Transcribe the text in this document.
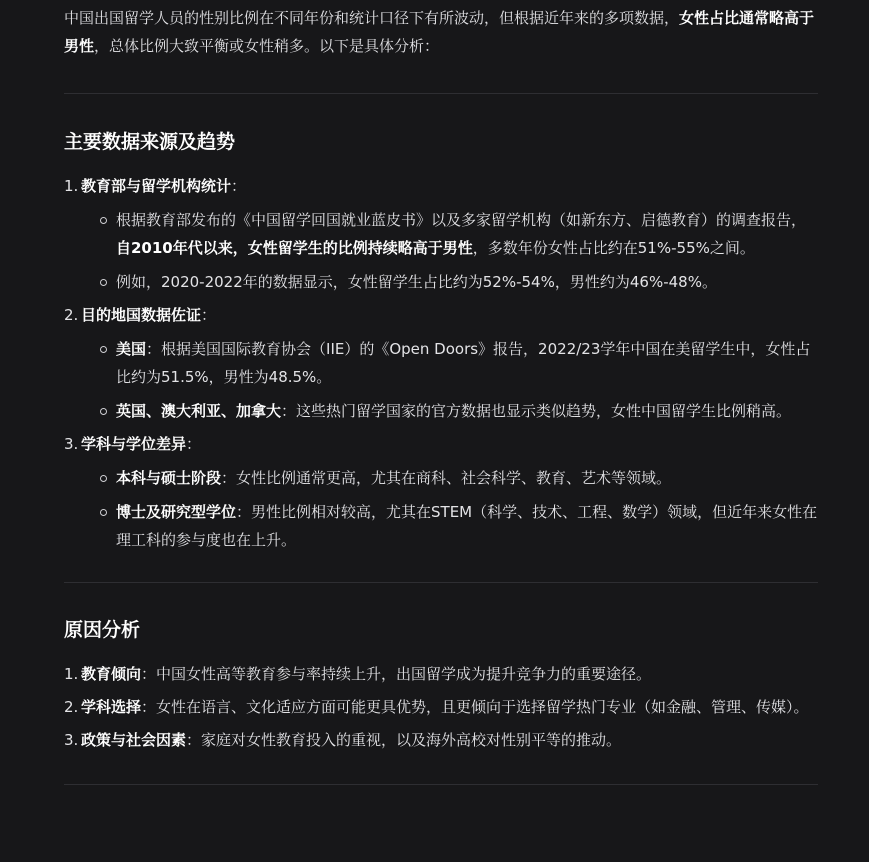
中国出国留学人员的性别比例在不同年份和统计口径下有所波动，但根据近年来的多项数据，女性占比通常略高于男性，总体比例大致平衡或女性稍多。以下是具体分析：

主要数据来源及趋势
1. 教育部与留学机构统计：
根据教育部发布的《中国留学回国就业蓝皮书》以及多家留学机构（如新东方、启德教育）的调查报告，自2010年代以来，女性留学生的比例持续略高于男性，多数年份女性占比约在51%-55%之间。
例如，2020-2022年的数据显示，女性留学生占比约为52%-54%，男性约为46%-48%。
2. 目的地国数据佐证：
美国：根据美国国际教育协会（IIE）的《Open Doors》报告，2022/23学年中国在美留学生中，女性占比约为51.5%，男性为48.5%。
英国、澳大利亚、加拿大：这些热门留学国家的官方数据也显示类似趋势，女性中国留学生比例稍高。
3. 学科与学位差异：
本科与硕士阶段：女性比例通常更高，尤其在商科、社会科学、教育、艺术等领域。
博士及研究型学位：男性比例相对较高，尤其在STEM（科学、技术、工程、数学）领域，但近年来女性在理工科的参与度也在上升。
原因分析
1. 教育倾向：中国女性高等教育参与率持续上升，出国留学成为提升竞争力的重要途径。
2. 学科选择：女性在语言、文化适应方面可能更具优势，且更倾向于选择留学热门专业（如金融、管理、传媒）。
3. 政策与社会因素：家庭对女性教育投入的重视，以及海外高校对性别平等的推动。
